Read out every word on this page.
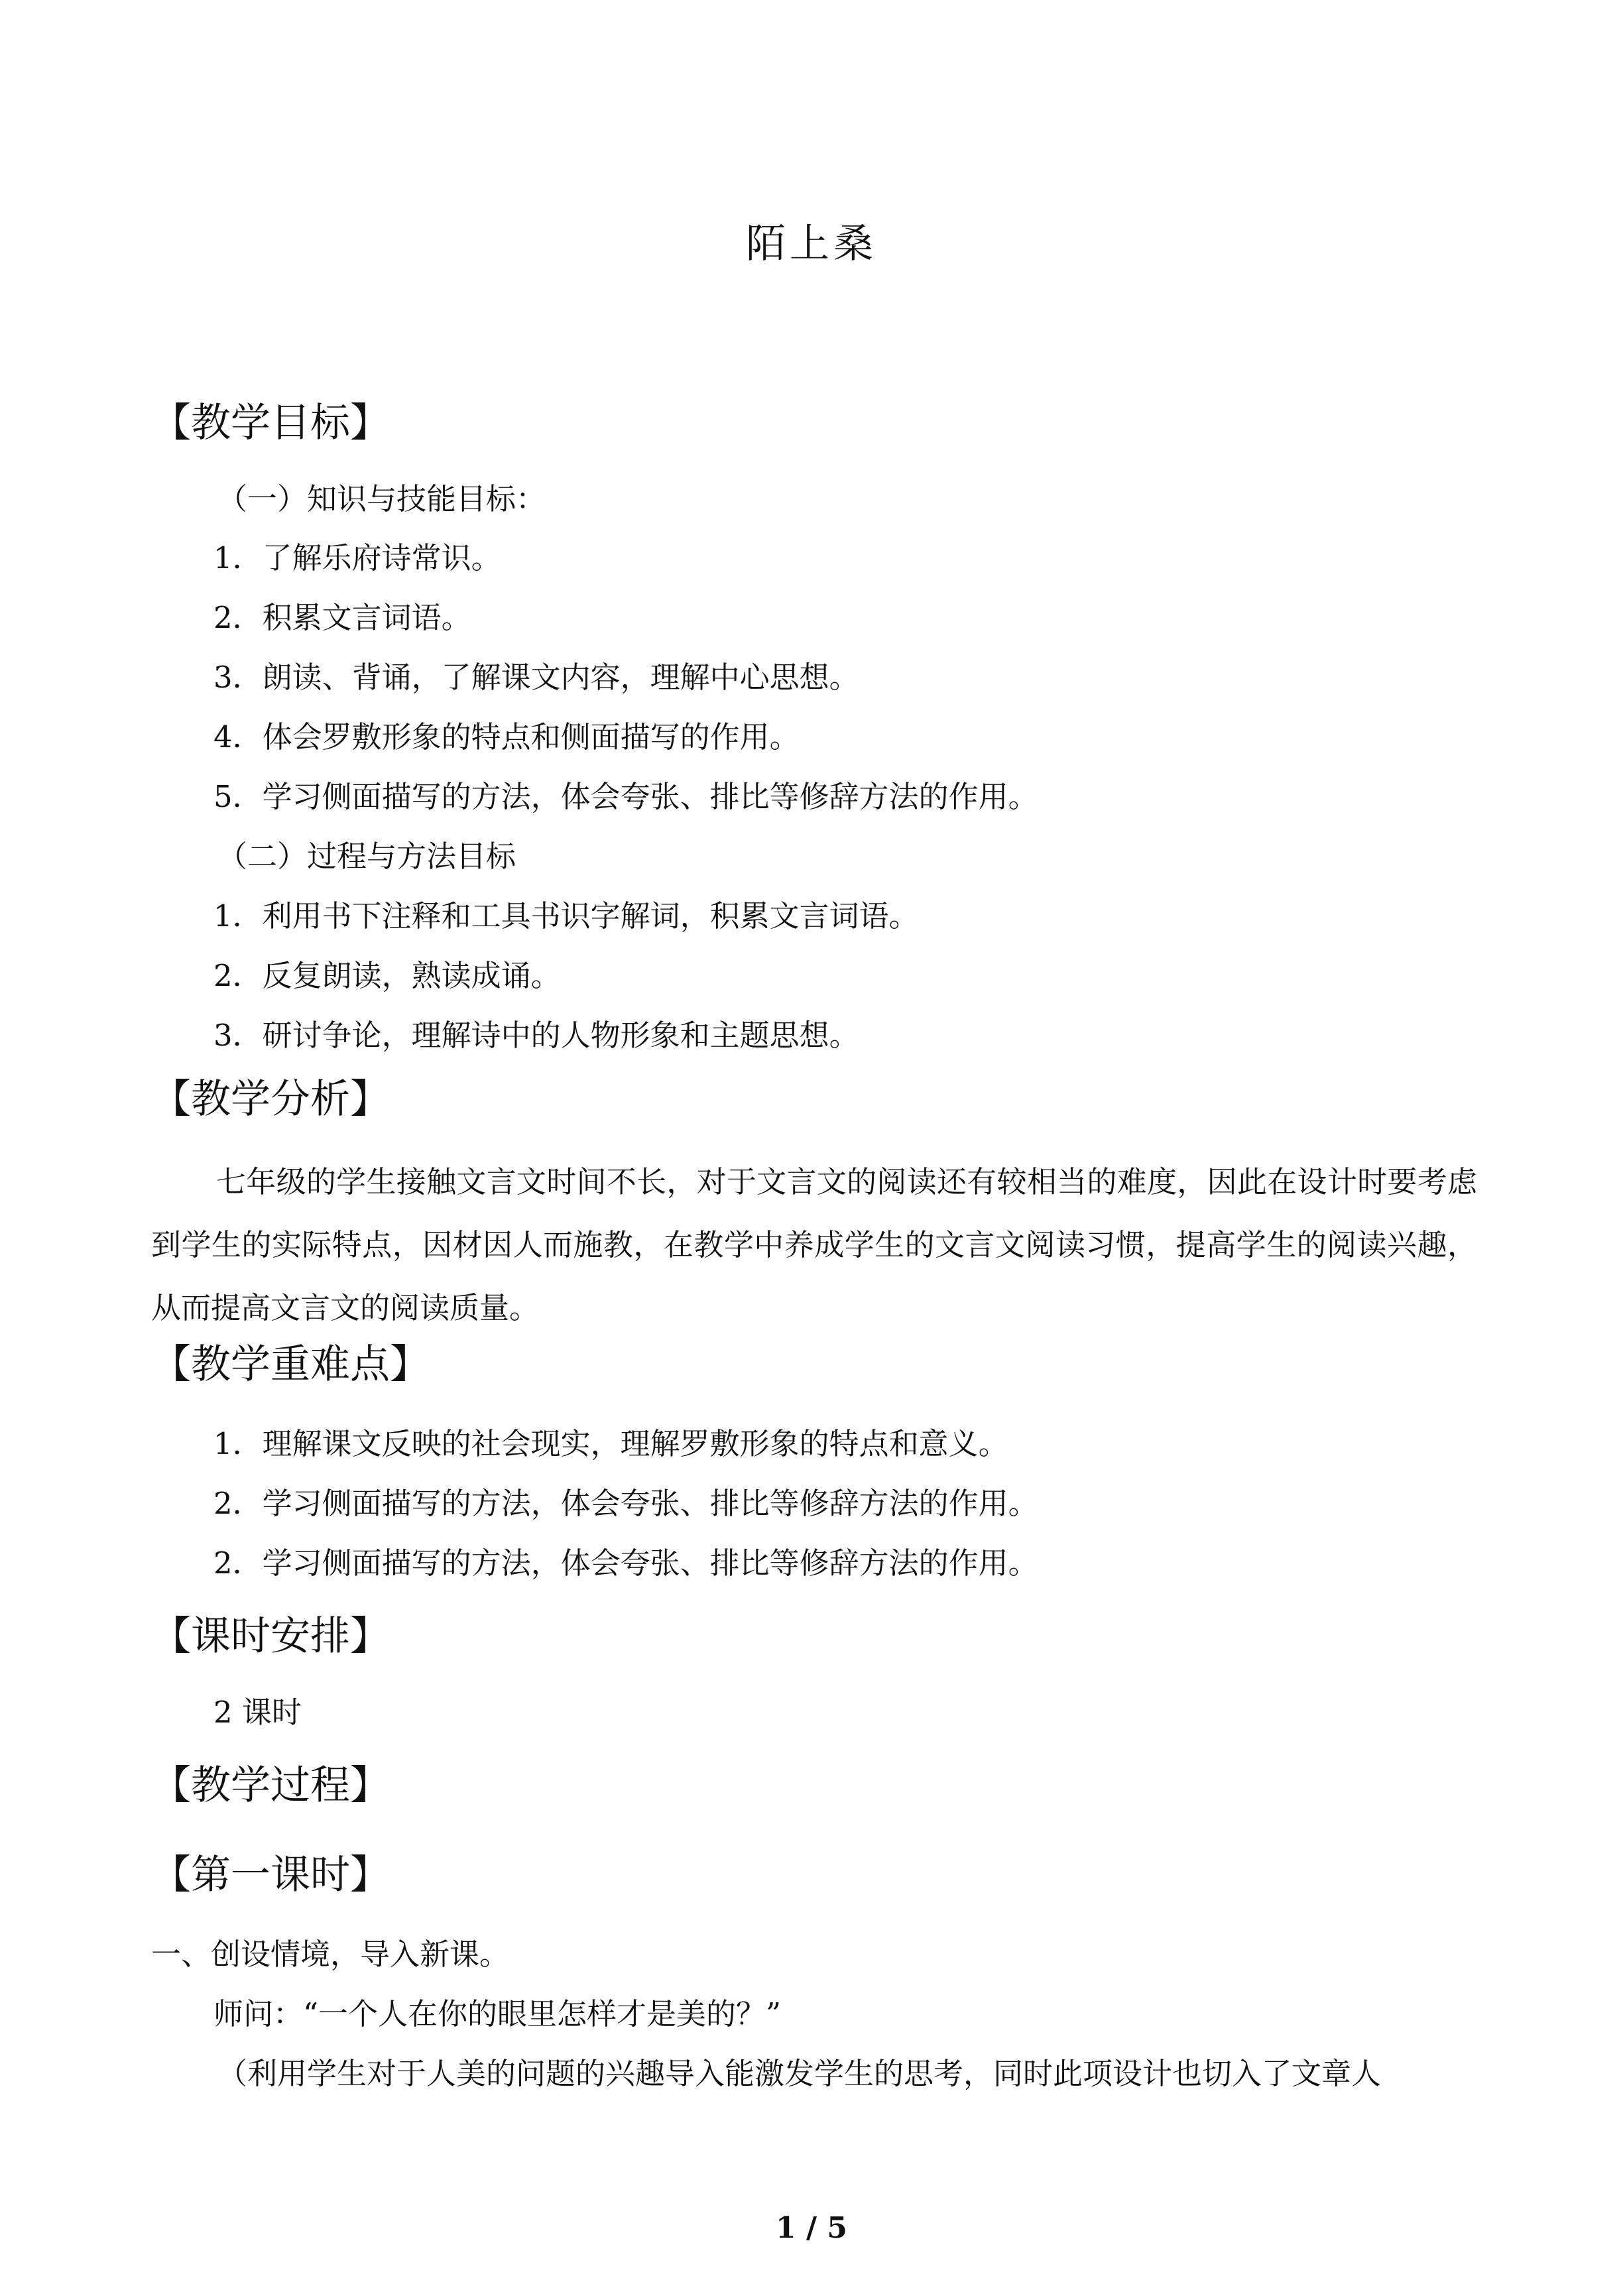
陌上桑
【教学目标】
（一）知识与技能目标：
1．了解乐府诗常识。
2．积累文言词语。
3．朗读、背诵，了解课文内容，理解中心思想。
4．体会罗敷形象的特点和侧面描写的作用。
5．学习侧面描写的方法，体会夸张、排比等修辞方法的作用。
（二）过程与方法目标
1．利用书下注释和工具书识字解词，积累文言词语。
2．反复朗读，熟读成诵。
3．研讨争论，理解诗中的人物形象和主题思想。
【教学分析】
七年级的学生接触文言文时间不长，对于文言文的阅读还有较相当的难度，因此在设计时要考虑到学生的实际特点，因材因人而施教，在教学中养成学生的文言文阅读习惯，提高学生的阅读兴趣，从而提高文言文的阅读质量。
【教学重难点】
1．理解课文反映的社会现实，理解罗敷形象的特点和意义。
2．学习侧面描写的方法，体会夸张、排比等修辞方法的作用。
2．学习侧面描写的方法，体会夸张、排比等修辞方法的作用。
【课时安排】
2 课时
【教学过程】
【第一课时】
一、创设情境，导入新课。
师问：“一个人在你的眼里怎样才是美的？”
（利用学生对于人美的问题的兴趣导入能激发学生的思考，同时此项设计也切入了文章人
1 / 5
